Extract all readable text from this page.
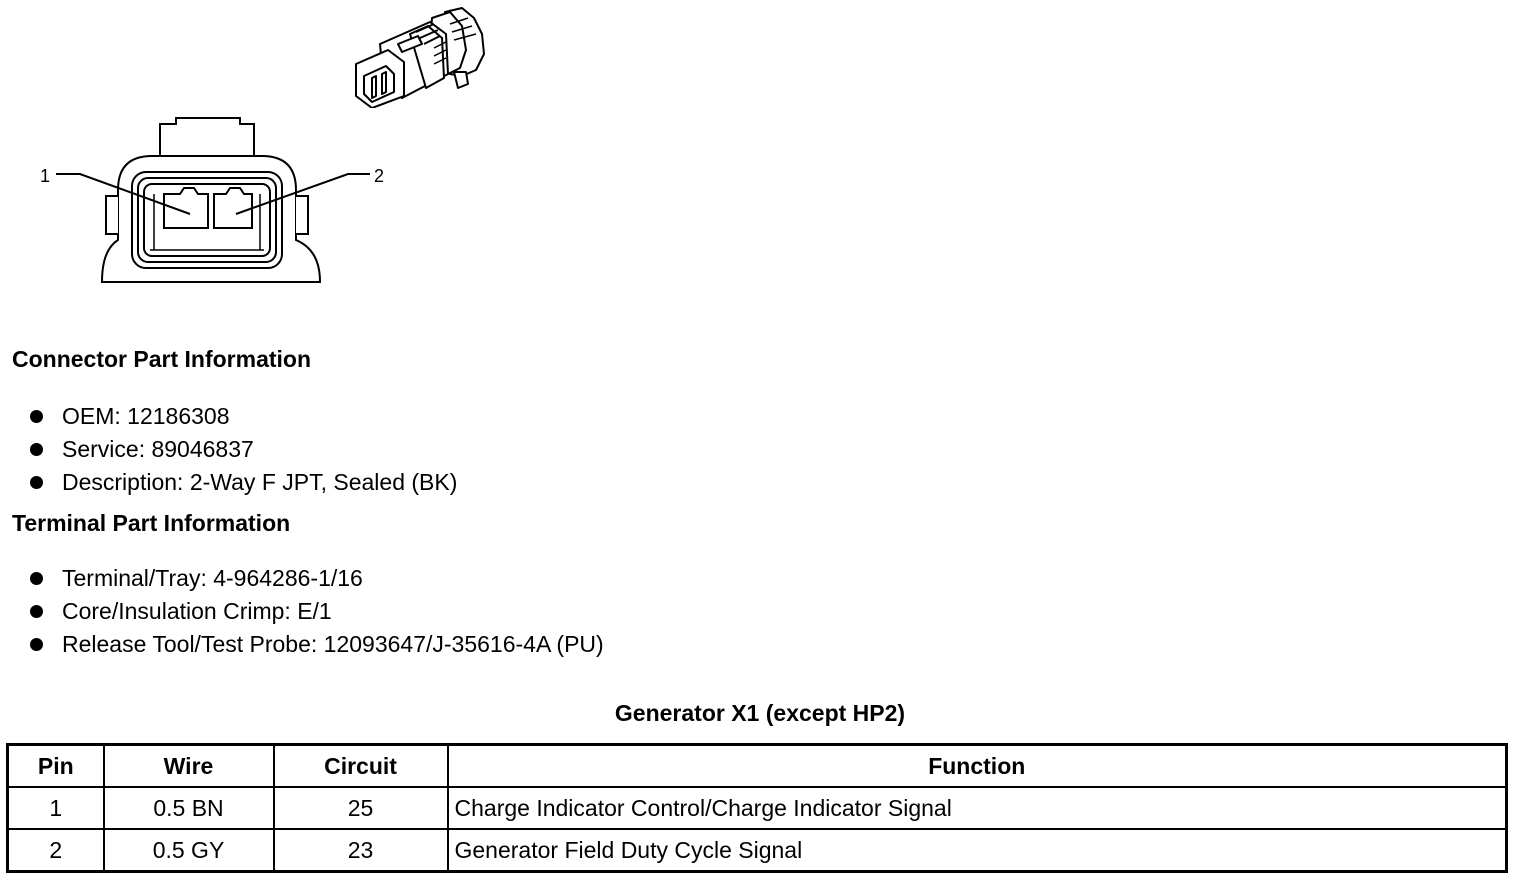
1	2
Connector Part Information
OEM: 12186308
Service: 89046837
Description: 2-Way F JPT, Sealed (BK)
Terminal Part Information
Terminal/Tray: 4-964286-1/16
Core/Insulation Crimp: E/1
Release Tool/Test Probe: 12093647/J-35616-4A (PU)
Generator X1 (except HP2)
Pin	Wire	Circuit	Function
1	0.5 BN	25	Charge Indicator Control/Charge Indicator Signal
2	0.5 GY	23	Generator Field Duty Cycle Signal
